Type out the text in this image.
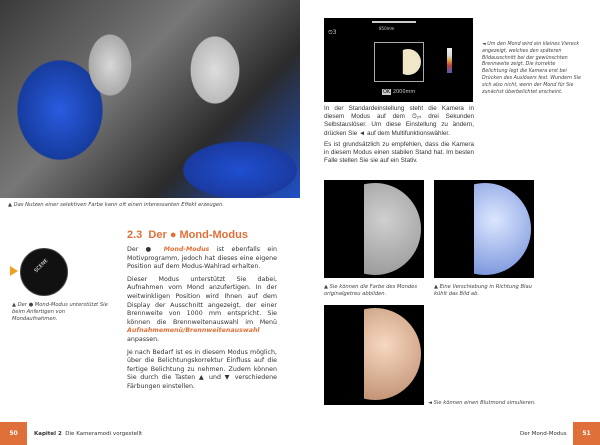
▲ Das Nutzen einer selektiven Farbe kann oft einen interessanten Effekt erzeugen.
SCENE
▲ Der ● Mond-Modus unterstützt Sie beim Anfertigen von Mondaufnahmen.
2.3 Der ● Mond-Modus

Der ● Mond-Modus ist ebenfalls ein Motivprogramm, jedoch hat dieses eine eigene Position auf dem Modus-Wahlrad erhalten.

Dieser Modus unterstützt Sie dabei, Aufnahmen vom Mond anzufertigen. In der weitwinkligen Position wird Ihnen auf dem Display der Ausschnitt angezeigt, der einer Brennweite von 1000 mm entspricht. Sie können die Brennweitenauswahl im Menü Aufnahmemenü/Brennweitenauswahl anpassen.

Je nach Bedarf ist es in diesem Modus möglich, über die Belichtungskorrektur Einfluss auf die fertige Belichtung zu nehmen. Zudem können Sie durch die Tasten ▲ und ▼ verschiedene Färbungen einstellen.

50	Kapitel 2 Die Kameramodi vorgestellt
850mm
⏲3
OK 2000mm
◄ Um den Mond wird ein kleines Viereck angezeigt, welches den späteren Bildausschnitt bei der gewünschten Brennweite zeigt. Die korrekte Belichtung legt die Kamera erst bei Drücken des Auslösers fest. Wundern Sie sich also nicht, wenn der Mond für Sie zunächst überbelichtet erscheint.

In der Standardeinstellung steht die Kamera in diesem Modus auf dem ⏲₂ₛ drei Sekunden Selbstauslöser. Um diese Einstellung zu ändern, drücken Sie ◄ auf dem Multifunktionswähler.

Es ist grundsätzlich zu empfehlen, dass die Kamera in diesem Modus einen stabilen Stand hat. Im besten Falle stellen Sie sie auf ein Stativ.

▲ Sie können die Farbe des Mondes originalgetreu abbilden.
▲ Eine Verschiebung in Richtung Blau kühlt das Bild ab.
◄ Sie können einen Blutmond simulieren.
Der Mond-Modus	51
